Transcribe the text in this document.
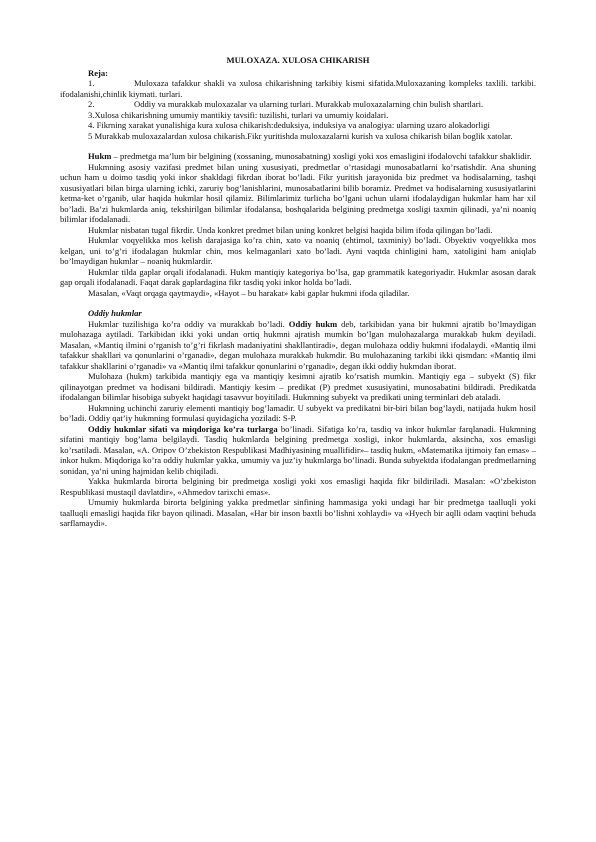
MULOXAZA. XULOSA CHIKARISH

Reja:

1.	Muloxaza tafakkur shakli va xulosa chikarishning tarkibiy kismi sifatida.Muloxazaning kompleks taxlili. tarkibi. ifodalanishi,chinlik kiymati. turlari.

2.	Oddiy va murakkab muloxazalar va ularning turlari. Murakkab muloxazalarning chin bulish shartlari.

3.Xulosa chikarishning umumiy mantikiy tavsifi: tuzilishi, turlari va umumiy koidalari.

4. Fikrning xarakat yunalishiga kura xulosa chikarish:deduksiya, induksiya va analogiya: ularning uzaro alokadorligi

5 Murakkab muloxazalardan xulosa chikarish.Fikr yuritishda muloxazalarni kurish va xulosa chikarish bilan boglik xatolar.

Hukm – predmetga ma’lum bir belgining (xossaning, munosabatning) xosligi yoki xos emasligini ifodalovchi tafakkur shaklidir.

Hukmning asosiy vazifasi predmet bilan uning xususiyati, predmetlar o’rtasidagi munosabatlarni ko’rsatishdir. Ana shuning uchun ham u doimo tasdiq yoki inkor shakldagi fikrdan iborat bo’ladi. Fikr yuritish jarayonida biz predmet va hodisalarning, tashqi xususiyatlari bilan birga ularning ichki, zaruriy bog’lanishlarini, munosabatlarini bilib boramiz. Predmet va hodisalarning xususiyatlarini ketma-ket o’rganib, ular haqida hukmlar hosil qilamiz. Bilimlarimiz turlicha bo’lgani uchun ularni ifodalaydigan hukmlar ham har xil bo’ladi. Ba’zi hukmlarda aniq, tekshirilgan bilimlar ifodalansa, boshqalarida belgining predmetga xosligi taxmin qilinadi, ya’ni noaniq bilimlar ifodalanadi.

Hukmlar nisbatan tugal fikrdir. Unda konkret predmet bilan uning konkret belgisi haqida bilim ifoda qilingan bo’ladi.

Hukmlar voqyelikka mos kelish darajasiga ko’ra chin, xato va noaniq (ehtimol, taxminiy) bo’ladi. Obyektiv voqyelikka mos kelgan, uni to’g’ri ifodalagan hukmlar chin, mos kelmaganlari xato bo’ladi. Ayni vaqtda chinligini ham, xatoligini ham aniqlab bo’lmaydigan hukmlar – noaniq hukmlardir.

Hukmlar tilda gaplar orqali ifodalanadi. Hukm mantiqiy kategoriya bo’lsa, gap grammatik kategoriyadir. Hukmlar asosan darak gap orqali ifodalanadi. Faqat darak gaplardagina fikr tasdiq yoki inkor holda bo’ladi.

Masalan, «Vaqt orqaga qaytmaydi», «Hayot – bu harakat» kabi gaplar hukmni ifoda qiladilar.

Oddiy hukmlar

Hukmlar tuzilishiga ko’ra oddiy va murakkab bo’ladi. Oddiy hukm deb, tarkibidan yana bir hukmni ajratib bo’lmaydigan mulohazaga aytiladi. Tarkibidan ikki yoki undan ortiq hukmni ajratish mumkin bo’lgan mulohazalarga murakkab hukm deyiladi. Masalan, «Mantiq ilmini o’rganish to’g’ri fikrlash madaniyatini shakllantiradi», degan mulohaza oddiy hukmni ifodalaydi. «Mantiq ilmi tafakkur shakllari va qonunlarini o’rganadi», degan mulohaza murakkab hukmdir. Bu mulohazaning tarkibi ikki qismdan: «Mantiq ilmi tafakkur shakllarini o’rganadi» va «Mantiq ilmi tafakkur qonunlarini o’rganadi», degan ikki oddiy hukmdan iborat.

Mulohaza (hukm) tarkibida mantiqiy ega va mantiqiy kesimni ajratib ko’rsatish mumkin. Mantiqiy ega – subyekt (S) fikr qilinayotgan predmet va hodisani bildiradi. Mantiqiy kesim – predikat (P) predmet xususiyatini, munosabatini bildiradi. Predikatda ifodalangan bilimlar hisobiga subyekt haqidagi tasavvur boyitiladi. Hukmning subyekt va predikati uning terminlari deb ataladi.

Hukmning uchinchi zaruriy elementi mantiqiy bog’lamadir. U subyekt va predikatni bir-biri bilan bog’laydi, natijada hukm hosil bo’ladi. Oddiy qat’iy hukmning formulasi quyidagicha yoziladi: S-P.

Oddiy hukmlar sifati va miqdoriga ko’ra turlarga bo’linadi. Sifatiga ko’ra, tasdiq va inkor hukmlar farqlanadi. Hukmning sifatini mantiqiy bog’lama belgilaydi. Tasdiq hukmlarda belgining predmetga xosligi, inkor hukmlarda, aksincha, xos emasligi ko’rsatiladi. Masalan, «A. Oripov O’zbekiston Respublikasi Madhiyasining muallifidir»– tasdiq hukm, «Matematika ijtimoiy fan emas» – inkor hukm. Miqdoriga ko’ra oddiy hukmlar yakka, umumiy va juz’iy hukmlarga bo’linadi. Bunda subyektda ifodalangan predmetlarning sonidan, ya’ni uning hajmidan kelib chiqiladi.

Yakka hukmlarda birorta belgining bir predmetga xosligi yoki xos emasligi haqida fikr bildiriladi. Masalan: «O’zbekiston Respublikasi mustaqil davlatdir», «Ahmedov tarixchi emas».

Umumiy hukmlarda birorta belgining yakka predmetlar sinfining hammasiga yoki undagi har bir predmetga taalluqli yoki taalluqli emasligi haqida fikr bayon qilinadi. Masalan, «Har bir inson baxtli bo’lishni xohlaydi» va «Hyech bir aqlli odam vaqtini behuda sarflamaydi».
